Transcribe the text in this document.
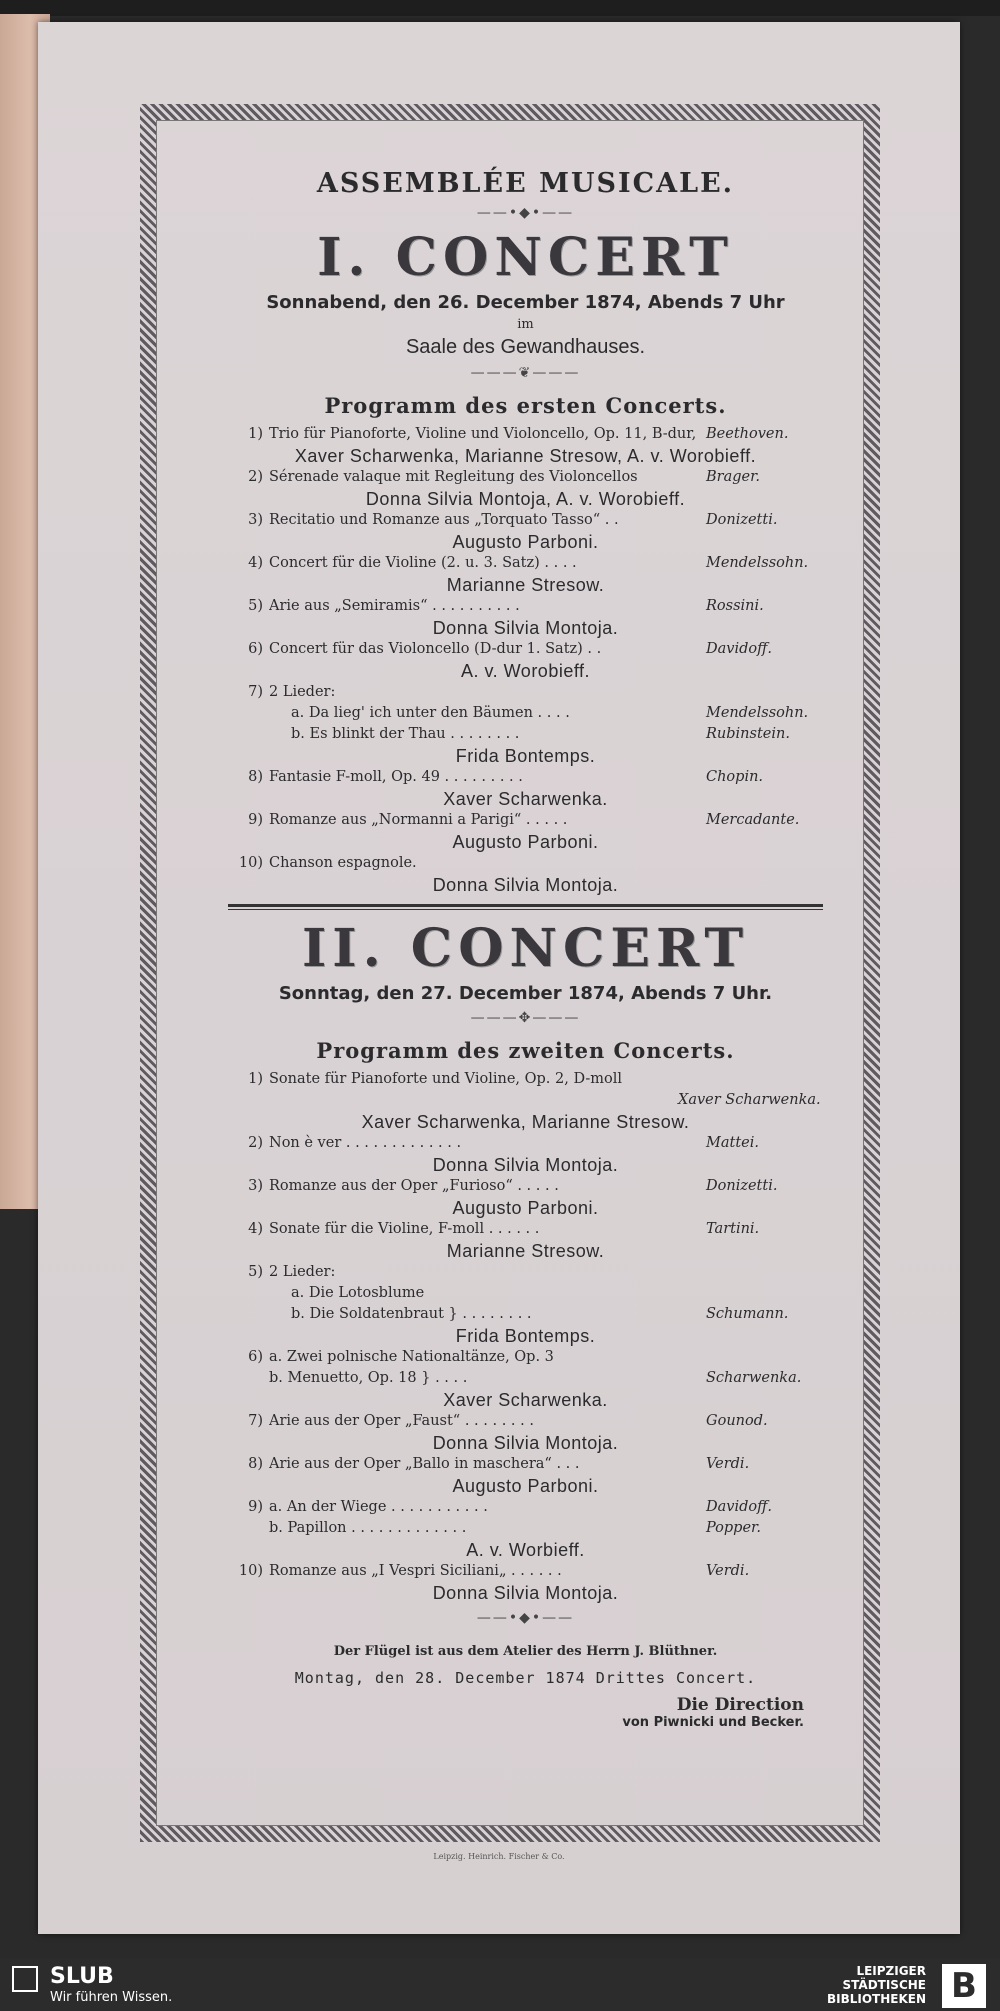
ASSEMBLÉE MUSICALE.
——•◆•——
I. CONCERT
Sonnabend, den 26. December 1874, Abends 7 Uhr
im
Saale des Gewandhauses.
———❦———
Programm des ersten Concerts.
1) Trio für Pianoforte, Violine und Violoncello, Op. 11, B-dur, Beethoven.
Xaver Scharwenka, Marianne Stresow, A. v. Worobieff.
2) Sérenade valaque mit Regleitung des Violoncellos	Brager.
Donna Silvia Montoja, A. v. Worobieff.
3) Recitatio und Romanze aus „Torquato Tasso“ . .	Donizetti.
Augusto Parboni.
4) Concert für die Violine (2. u. 3. Satz) . . . .	Mendelssohn.
Marianne Stresow.
5) Arie aus „Semiramis“ . . . . . . . . . .	Rossini.
Donna Silvia Montoja.
6) Concert für das Violoncello (D-dur 1. Satz) . .	Davidoff.
A. v. Worobieff.
7) 2 Lieder:
a. Da lieg' ich unter den Bäumen . . . .	Mendelssohn.
b. Es blinkt der Thau . . . . . . . .	Rubinstein.
Frida Bontemps.
8) Fantasie F-moll, Op. 49 . . . . . . . . .	Chopin.
Xaver Scharwenka.
9) Romanze aus „Normanni a Parigi“ . . . . .	Mercadante.
Augusto Parboni.
10) Chanson espagnole.
Donna Silvia Montoja.
II. CONCERT
Sonntag, den 27. December 1874, Abends 7 Uhr.
———✥———
Programm des zweiten Concerts.
1) Sonate für Pianoforte und Violine, Op. 2, D-moll
Xaver Scharwenka.
Xaver Scharwenka, Marianne Stresow.
2) Non è ver . . . . . . . . . . . . .	Mattei.
Donna Silvia Montoja.
3) Romanze aus der Oper „Furioso“ . . . . .	Donizetti.
Augusto Parboni.
4) Sonate für die Violine, F-moll . . . . . .	Tartini.
Marianne Stresow.
5) 2 Lieder:
a. Die Lotosblume
b. Die Soldatenbraut } . . . . . . . .	Schumann.
Frida Bontemps.
6) a. Zwei polnische Nationaltänze, Op. 3
b. Menuetto, Op. 18 } . . . .	Scharwenka.
Xaver Scharwenka.
7) Arie aus der Oper „Faust“ . . . . . . . .	Gounod.
Donna Silvia Montoja.
8) Arie aus der Oper „Ballo in maschera“ . . .	Verdi.
Augusto Parboni.
9) a. An der Wiege . . . . . . . . . . .	Davidoff.
b. Papillon . . . . . . . . . . . . .	Popper.
A. v. Worbieff.
10) Romanze aus „I Vespri Siciliani„ . . . . . .	Verdi.
Donna Silvia Montoja.
——•◆•——
Der Flügel ist aus dem Atelier des Herrn J. Blüthner.
Montag, den 28. December 1874 Drittes Concert.
Die Direction
von Piwnicki und Becker.
Leipzig. Heinrich. Fischer & Co.
SLUB
Wir führen Wissen.
LEIPZIGER
STÄDTISCHE
BIBLIOTHEKEN B
